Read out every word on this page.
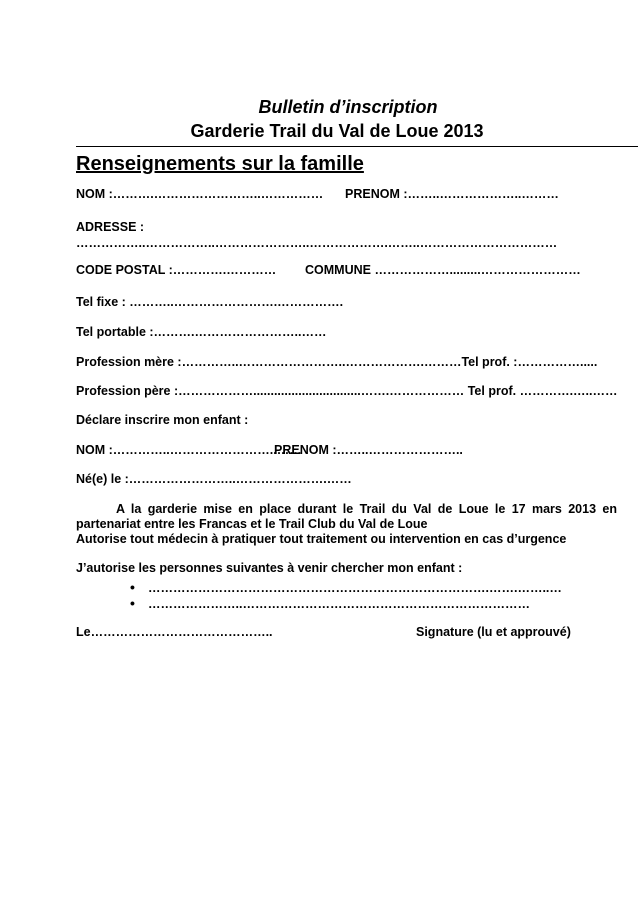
Bulletin d’inscription
Garderie Trail du Val de Loue 2013
Renseignements sur la famille
NOM :……….……………………..…………… PRENOM :……..………………..………
ADRESSE :
……………..……………..…………………..……………….……..……………………………
CODE POSTAL :………….………… COMMUNE ……………….........……………………
Tel fixe : ………..…………………….…………….
Tel portable :……….……………………..……
Profession mère :…………..……………………..……………….………Tel prof. :…………….....
Profession père :………………...............................…….……………… Tel prof. ………….…..……
Déclare inscrire mon enfant :
NOM :…………..……………………..……
PRENOM :……..…………………..
Né(e) le :……………………..………………….……
A la garderie mise en place durant le Trail du Val de Loue le 17 mars 2013 en
partenariat entre les Francas et le Trail Club du Val de Loue
Autorise tout médecin à pratiquer tout traitement ou intervention en cas d’urgence
J’autorise les personnes suivantes à venir chercher mon enfant :
• ……………………………………………………………………….…….……..…
• …………………..……………………………………………………………
Le……………………………………..	Signature (lu et approuvé)
